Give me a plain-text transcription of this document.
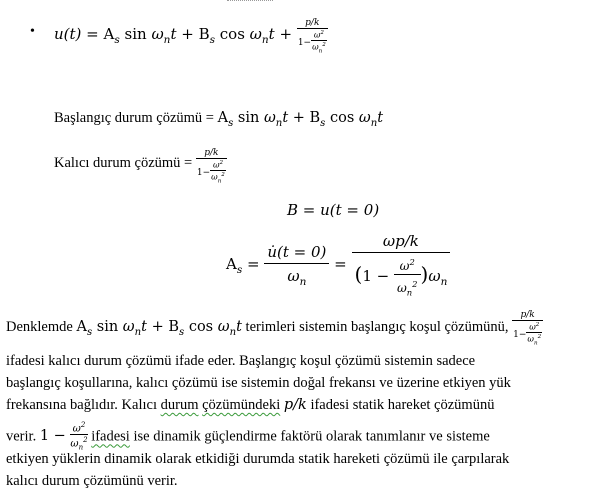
• $u(t) = A_s$ $\sin \omega_nt + B_s$ $\cos \omega_nt + \frac{p/k}{1- \frac{\omega^2}{\omega_n^2}}$
Başlangıç durum çözümü = $A_s$ $\sin \omega_nt + B_s$ $\cos \omega_nt$
Kalıcı durum çözümü = $\frac{p/k}{1- \frac{\omega^2}{\omega_n^2}}$
B = u(t = 0)
$A_s = \frac{u̇(t = 0)}{\omega_n} = \frac{\omega p/k}{(1 - \frac{\omega^2}{\omega_n^2} )\omega_n}$
Denklemde $A_s$ $\sin \omega_nt + B_s$ $\cos \omega_nt$ terimleri sistemin başlangıç koşul çözümünü, $\frac{p/k}{1- \frac{\omega^2}{\omega_n^2}}$
ifadesi kalıcı durum çözümü ifade eder. Başlangıç koşul çözümü sistemin sadece
başlangıç koşullarına, kalıcı çözümü ise sistemin doğal frekansı ve üzerine etkiyen yük
frekansına bağlıdır. Kalıcı durum çözümündeki p/k ifadesi statik hareket çözümünü
verir. $1 - \frac{\omega^2}{\omega_n^2}$ ifadesi ise dinamik güçlendirme faktörü olarak tanımlanır ve sisteme
etkiyen yüklerin dinamik olarak etkidiği durumda statik hareketi çözümü ile çarpılarak
kalıcı durum çözümünü verir.
